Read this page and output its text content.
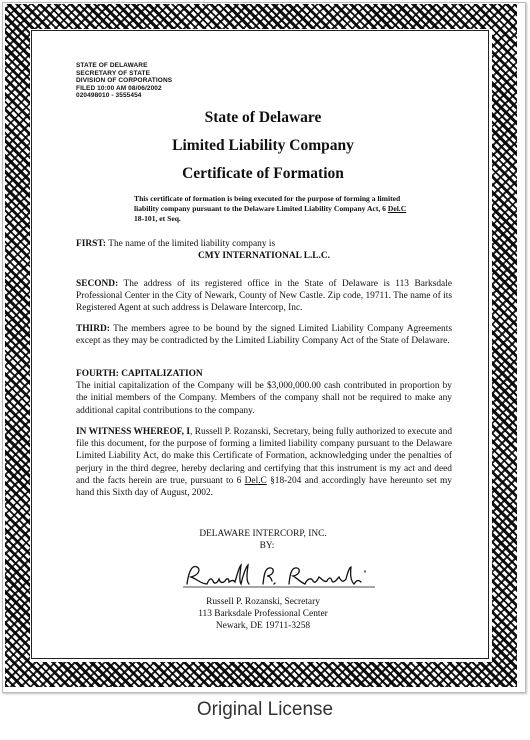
STATE OF DELAWARE
SECRETARY OF STATE
DIVISION OF CORPORATIONS
FILED 10:00 AM 08/06/2002
020498010 - 3555454
State of Delaware
Limited Liability Company
Certificate of Formation
This certificate of formation is being executed for the purpose of forming a limited liability company pursuant to the Delaware Limited Liability Company Act, 6 Del.C 18-101, et Seq.
FIRST: The name of the limited liability company is
CMY INTERNATIONAL L.L.C.
SECOND: The address of its registered office in the State of Delaware is 113 Barksdale Professional Center in the City of Newark, County of New Castle. Zip code, 19711. The name of its Registered Agent at such address is Delaware Intercorp, Inc.
THIRD: The members agree to be bound by the signed Limited Liability Company Agreements except as they may be contradicted by the Limited Liability Company Act of the State of Delaware.
FOURTH: CAPITALIZATION
The initial capitalization of the Company will be $3,000,000.00 cash contributed in proportion by the initial members of the Company. Members of the company shall not be required to make any additional capital contributions to the company.
IN WITNESS WHEREOF, I, Russell P. Rozanski, Secretary, being fully authorized to execute and file this document, for the purpose of forming a limited liability company pursuant to the Delaware Limited Liability Act, do make this Certificate of Formation, acknowledging under the penalties of perjury in the third degree, hereby declaring and certifying that this instrument is my act and deed and the facts herein are true, pursuant to 6 Del.C §18-204 and accordingly have hereunto set my hand this Sixth day of August, 2002.
DELAWARE INTERCORP, INC.
BY:
Russell P. Rozanski, Secretary
113 Barksdale Professional Center
Newark, DE 19711-3258
Original License
